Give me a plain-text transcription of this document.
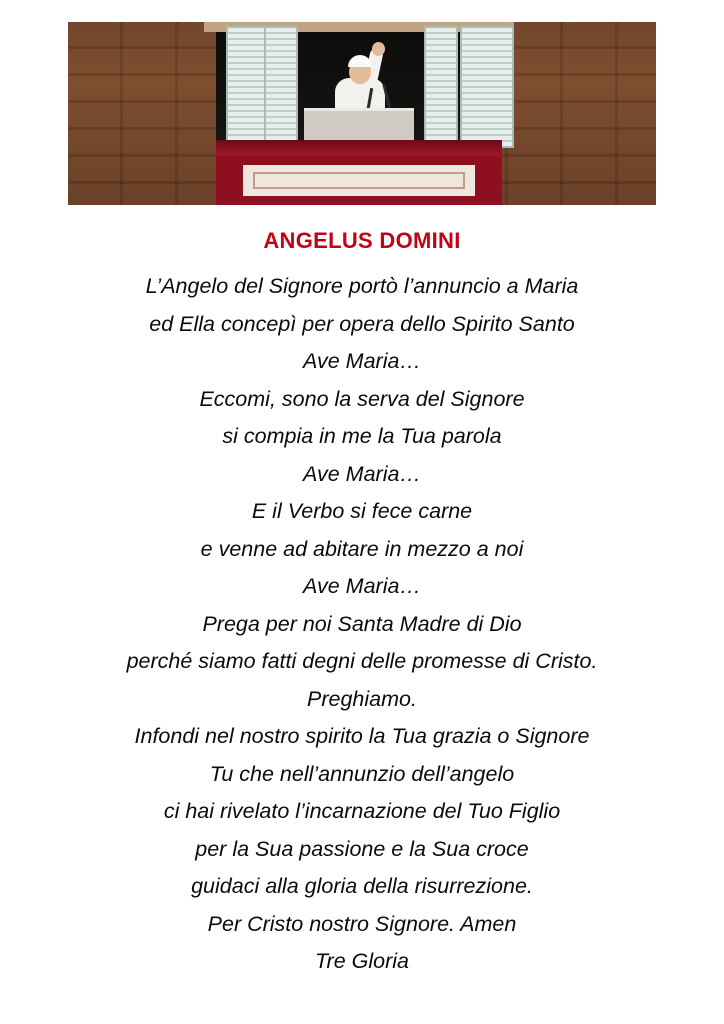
ANGELUS DOMINI
L’Angelo del Signore portò l’annuncio a Maria
ed Ella concepì per opera dello Spirito Santo
Ave Maria…
Eccomi, sono la serva del Signore
si compia in me la Tua parola
Ave Maria…
E il Verbo si fece carne
e venne ad abitare in mezzo a noi
Ave Maria…
Prega per noi Santa Madre di Dio
perché siamo fatti degni delle promesse di Cristo.
Preghiamo.
Infondi nel nostro spirito la Tua grazia o Signore
Tu che nell’annunzio dell’angelo
ci hai rivelato l’incarnazione del Tuo Figlio
per la Sua passione e la Sua croce
guidaci alla gloria della risurrezione.
Per Cristo nostro Signore. Amen
Tre Gloria
